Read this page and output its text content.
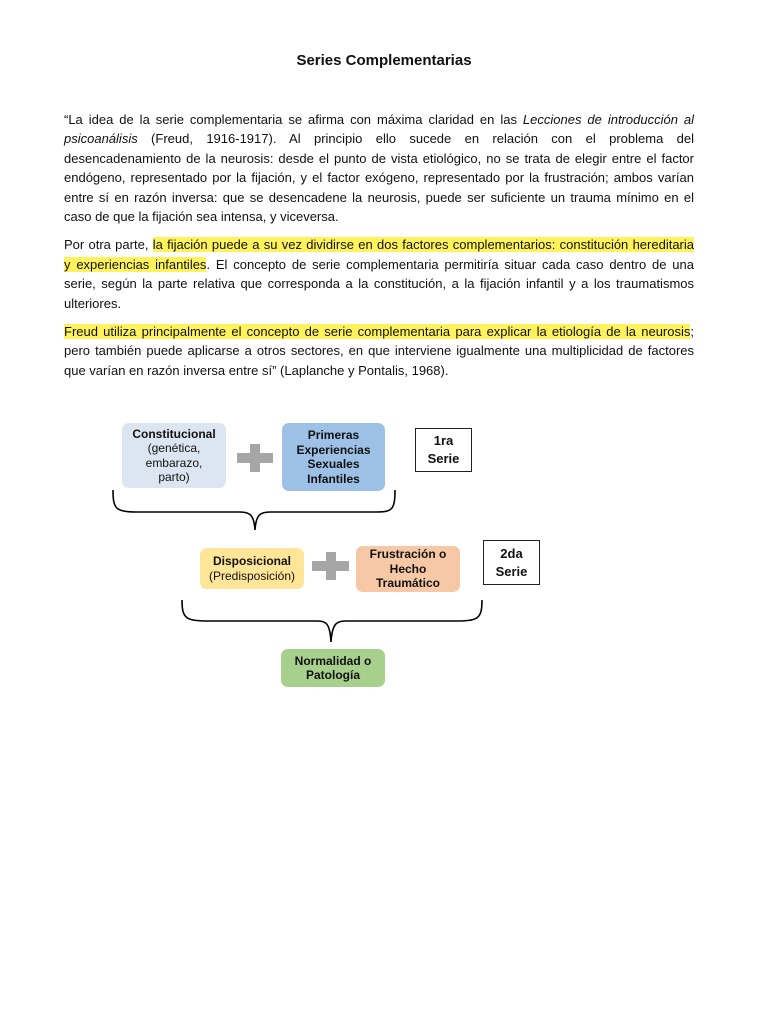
Series Complementarias

“La idea de la serie complementaria se afirma con máxima claridad en las Lecciones de introducción al psicoanálisis (Freud, 1916-1917). Al principio ello sucede en relación con el problema del desencadenamiento de la neurosis: desde el punto de vista etiológico, no se trata de elegir entre el factor endógeno, representado por la fijación, y el factor exógeno, representado por la frustración; ambos varían entre sí en razón inversa: que se desencadene la neurosis, puede ser suficiente un trauma mínimo en el caso de que la fijación sea intensa, y viceversa.

Por otra parte, la fijación puede a su vez dividirse en dos factores complementarios: constitución hereditaria y experiencias infantiles. El concepto de serie complementaria permitiría situar cada caso dentro de una serie, según la parte relativa que corresponda a la constitución, a la fijación infantil y a los traumatismos ulteriores.

Freud utiliza principalmente el concepto de serie complementaria para explicar la etiología de la neurosis; pero también puede aplicarse a otros sectores, en que interviene igualmente una multiplicidad de factores que varían en razón inversa entre sí” (Laplanche y Pontalis, 1968).

Constitucional
(genética,
embarazo,
parto)
Primeras
Experiencias
Sexuales
Infantiles
1ra
Serie
Disposicional
(Predisposición)
Frustración o
Hecho
Traumático
2da
Serie
Normalidad o
Patología
